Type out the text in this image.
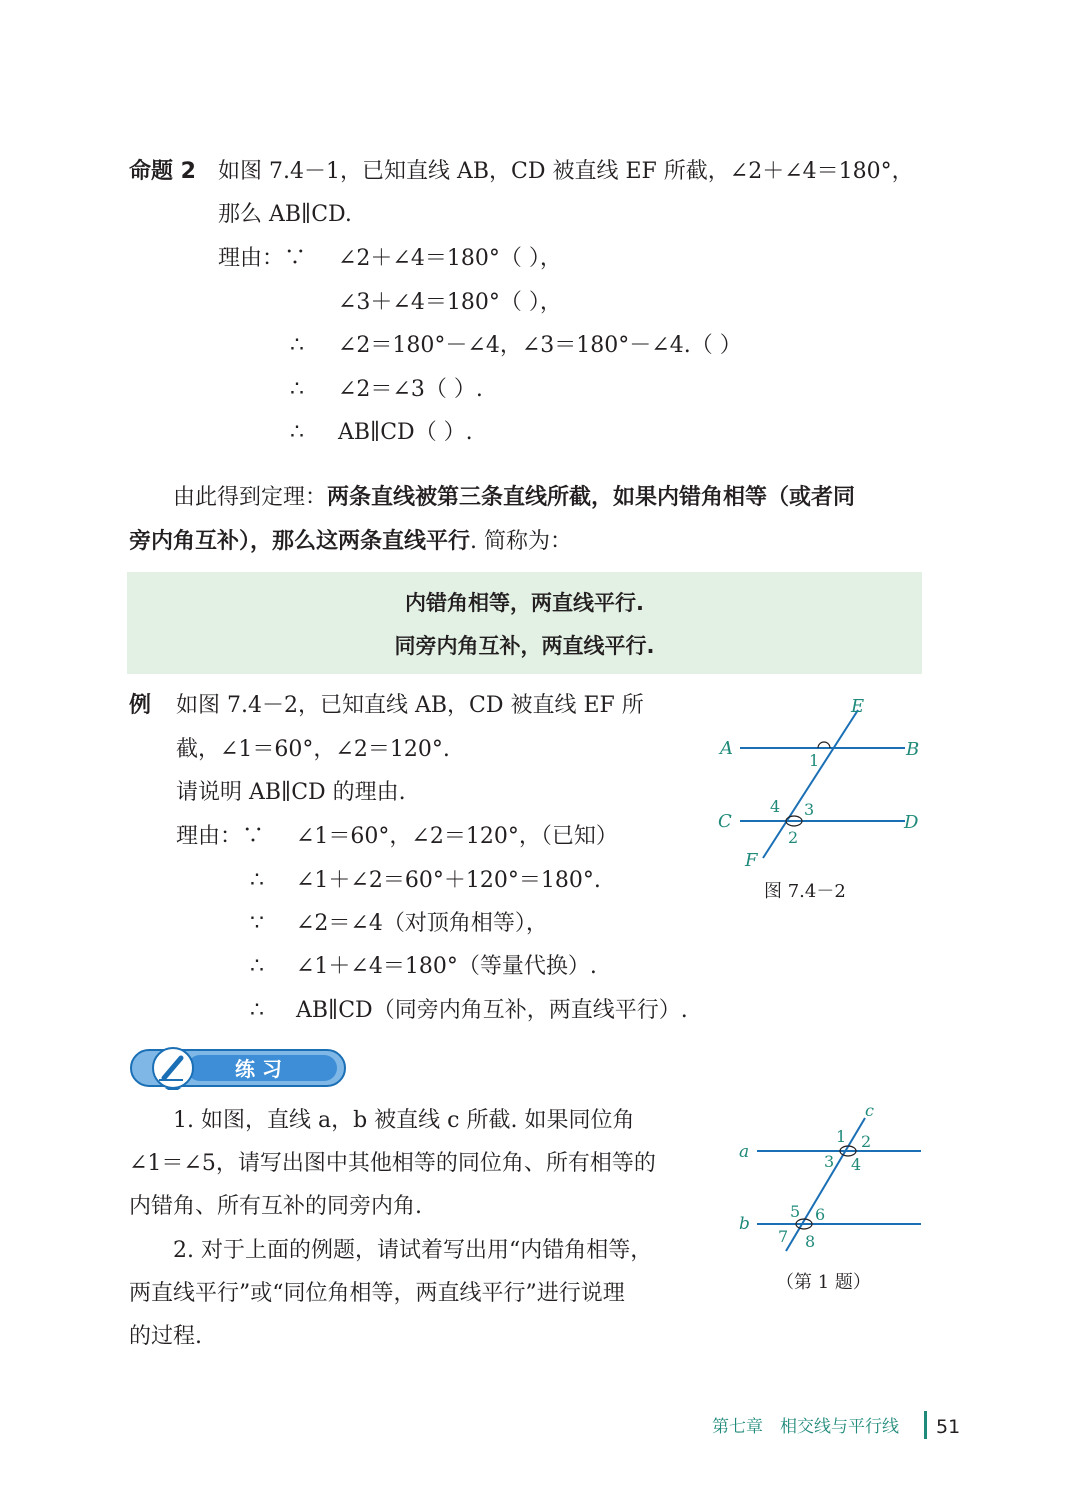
命题 2 如图 7.4－1，已知直线 AB，CD 被直线 EF 所截，∠2＋∠4＝180°，
那么 AB∥CD.
理由：∵ ∠2＋∠4＝180°（ ），
∠3＋∠4＝180°（ ），
∴ ∠2＝180°－∠4，∠3＝180°－∠4.（ ）
∴ ∠2＝∠3（ ）.
∴ AB∥CD（ ）.
由此得到定理：两条直线被第三条直线所截，如果内错角相等（或者同
旁内角互补），那么这两条直线平行. 简称为：
内错角相等，两直线平行.
同旁内角互补，两直线平行.
例 如图 7.4－2，已知直线 AB，CD 被直线 EF 所
截，∠1＝60°，∠2＝120°.
请说明 AB∥CD 的理由.
理由：∵ ∠1＝60°，∠2＝120°，（已知）
∴ ∠1＋∠2＝60°＋120°＝180°.
∵ ∠2＝∠4（对顶角相等），
∴ ∠1＋∠4＝180°（等量代换）.
∴ AB∥CD（同旁内角互补，两直线平行）.
E
A	B
C	D
F
1
4 3
2
图 7.4－2
练 习
1. 如图，直线 a，b 被直线 c 所截. 如果同位角
∠1＝∠5，请写出图中其他相等的同位角、所有相等的
内错角、所有互补的同旁内角.
2. 对于上面的例题，请试着写出用“内错角相等，
两直线平行”或“同位角相等，两直线平行”进行说理
的过程.
c
a
b
1 2
3 4
5 6
7 8
（第 1 题）
第七章　相交线与平行线 51
